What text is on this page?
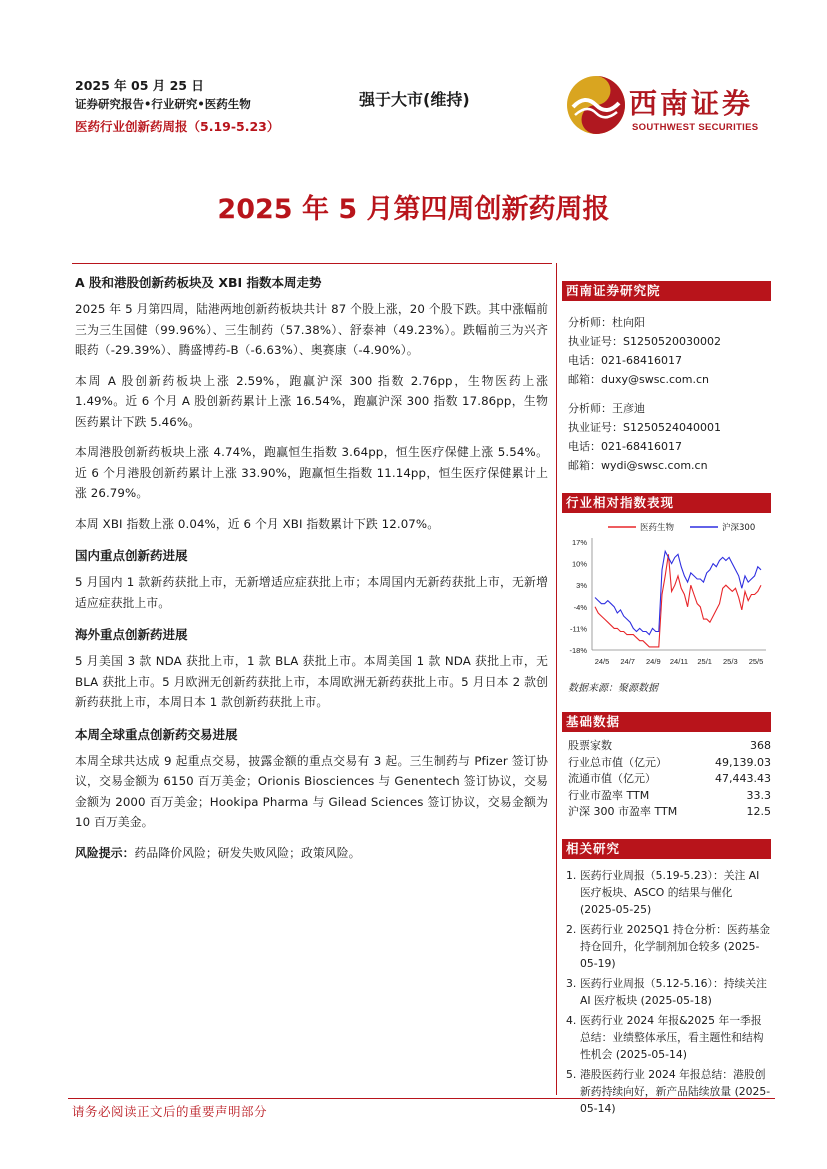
2025 年 05 月 25 日
证券研究报告•行业研究•医药生物
医药行业创新药周报（5.19-5.23）
强于大市(维持)	西南证券
SOUTHWEST SECURITIES
2025 年 5 月第四周创新药周报
A 股和港股创新药板块及 XBI 指数本周走势

2025 年 5 月第四周，陆港两地创新药板块共计 87 个股上涨，20 个股下跌。其中涨幅前三为三生国健（99.96%）、三生制药（57.38%）、舒泰神（49.23%）。跌幅前三为兴齐眼药（-29.39%）、腾盛博药-B（-6.63%）、奥赛康（-4.90%）。

本周 A 股创新药板块上涨 2.59%，跑赢沪深 300 指数 2.76pp，生物医药上涨 1.49%。近 6 个月 A 股创新药累计上涨 16.54%，跑赢沪深 300 指数 17.86pp，生物医药累计下跌 5.46%。

本周港股创新药板块上涨 4.74%，跑赢恒生指数 3.64pp，恒生医疗保健上涨 5.54%。近 6 个月港股创新药累计上涨 33.90%，跑赢恒生指数 11.14pp，恒生医疗保健累计上涨 26.79%。

本周 XBI 指数上涨 0.04%，近 6 个月 XBI 指数累计下跌 12.07%。

国内重点创新药进展

5 月国内 1 款新药获批上市，无新增适应症获批上市；本周国内无新药获批上市，无新增适应症获批上市。

海外重点创新药进展

5 月美国 3 款 NDA 获批上市，1 款 BLA 获批上市。本周美国 1 款 NDA 获批上市，无 BLA 获批上市。5 月欧洲无创新药获批上市，本周欧洲无新药获批上市。5 月日本 2 款创新药获批上市，本周日本 1 款创新药获批上市。

本周全球重点创新药交易进展

本周全球共达成 9 起重点交易，披露金额的重点交易有 3 起。三生制药与 Pfizer 签订协议，交易金额为 6150 百万美金；Orionis Biosciences 与 Genentech 签订协议，交易金额为 2000 百万美金；Hookipa Pharma 与 Gilead Sciences 签订协议，交易金额为 10 百万美金。

风险提示：药品降价风险；研发失败风险；政策风险。

西南证券研究院
分析师：杜向阳
执业证号：S1250520030002
电话：021-68416017
邮箱：duxy@swsc.com.cn
分析师：王彦迪
执业证号：S1250524040001
电话：021-68416017
邮箱：wydi@swsc.com.cn
行业相对指数表现
17%
10%
3%
-4%
-11%
-18%
24/5 24/7 24/9 24/11 25/1 25/3 25/5
医药生物	沪深300
数据来源：聚源数据
基础数据
股票家数	368
行业总市值（亿元）	49,139.03
流通市值（亿元）	47,443.43
行业市盈率 TTM	33.3
沪深 300 市盈率 TTM	12.5
相关研究
1. 医药行业周报（5.19-5.23）：关注 AI 医疗板块、ASCO 的结果与催化 (2025-05-25)
2. 医药行业 2025Q1 持仓分析：医药基金持仓回升，化学制剂加仓较多 (2025-05-19)
3. 医药行业周报（5.12-5.16）：持续关注 AI 医疗板块 (2025-05-18)
4. 医药行业 2024 年报&2025 年一季报总结：业绩整体承压，看主题性和结构性机会 (2025-05-14)
5. 港股医药行业 2024 年报总结：港股创新药持续向好，新产品陆续放量 (2025-05-14)
请务必阅读正文后的重要声明部分
